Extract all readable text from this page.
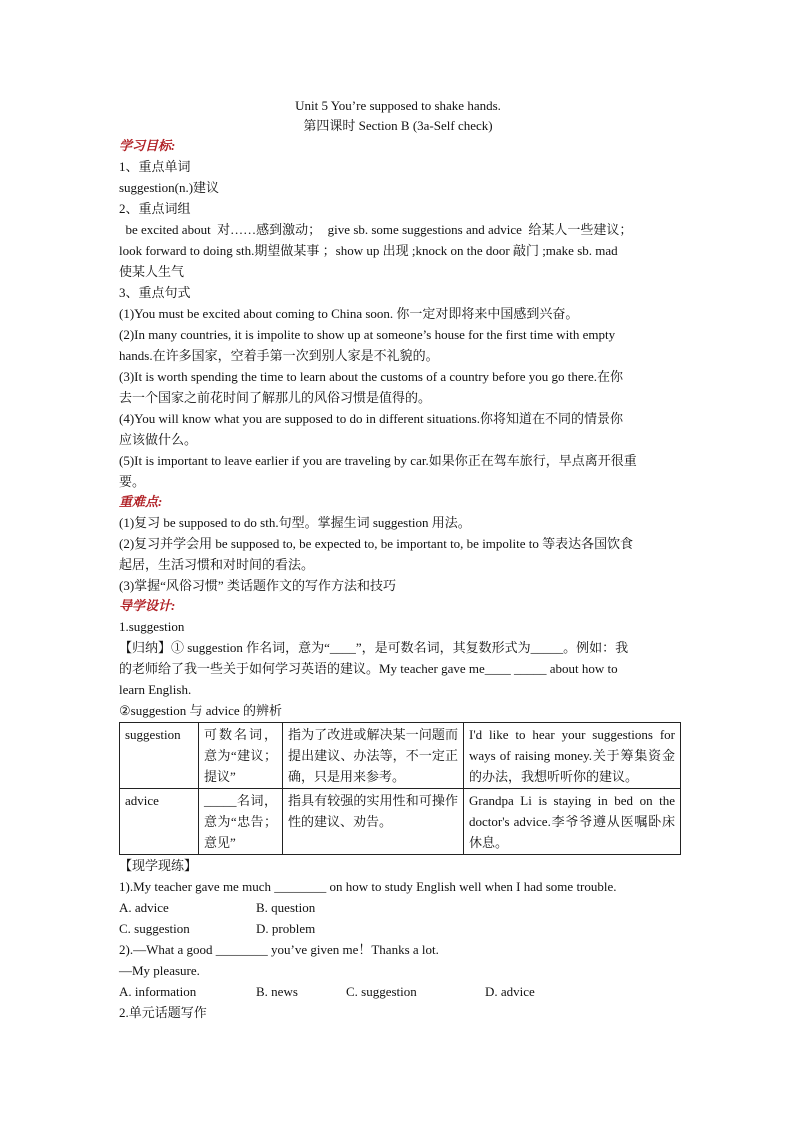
Unit 5 You’re supposed to shake hands.
第四课时 Section B (3a-Self check)
学习目标:
1、重点单词
suggestion(n.)建议
2、重点词组
be excited about  对……感到激动；  give sb. some suggestions and advice  给某人一些建议；
look forward to doing sth.期望做某事 ；show up 出现 ;knock on the door 敲门 ;make sb. mad
使某人生气
3、重点句式
(1)You must be excited about coming to China soon. 你一定对即将来中国感到兴奋。
(2)In many countries, it is impolite to show up at someone’s house for the first time with empty
hands.在许多国家，空着手第一次到别人家是不礼貌的。
(3)It is worth spending the time to learn about the customs of a country before you go there.在你
去一个国家之前花时间了解那儿的风俗习惯是值得的。
(4)You will know what you are supposed to do in different situations.你将知道在不同的情景你
应该做什么。
(5)It is important to leave earlier if you are traveling by car.如果你正在驾车旅行，早点离开很重
要。
重难点:
(1)复习 be supposed to do sth.句型。掌握生词 suggestion 用法。
(2)复习并学会用 be supposed to, be expected to, be important to, be impolite to 等表达各国饮食
起居，生活习惯和对时间的看法。
(3)掌握“风俗习惯” 类话题作文的写作方法和技巧
导学设计:
1.suggestion
【归纳】① suggestion 作名词，意为“____”，是可数名词，其复数形式为_____。例如：我
的老师给了我一些关于如何学习英语的建议。My teacher gave me____ _____ about how to
learn English.
②suggestion 与 advice 的辨析
suggestion	可数名词，意为“建议；提议”	指为了改进或解决某一问题而提出建议、办法等，不一定正确，只是用来参考。	I'd like to hear your suggestions for ways of raising money.关于筹集资金的办法，我想听听你的建议。
advice	_____名词，意为“忠告；意见”	指具有较强的实用性和可操作性的建议、劝告。	Grandpa Li is staying in bed on the doctor's advice.李爷爷遵从医嘱卧床休息。
【现学现练】
1).My teacher gave me much ________ on how to study English well when I had some trouble.
A. advice	B. question
C. suggestion	D. problem
2).—What a good ________ you’ve given me！Thanks a lot.
—My pleasure.
A. information	B. news	C. suggestion	D. advice
2.单元话题写作
